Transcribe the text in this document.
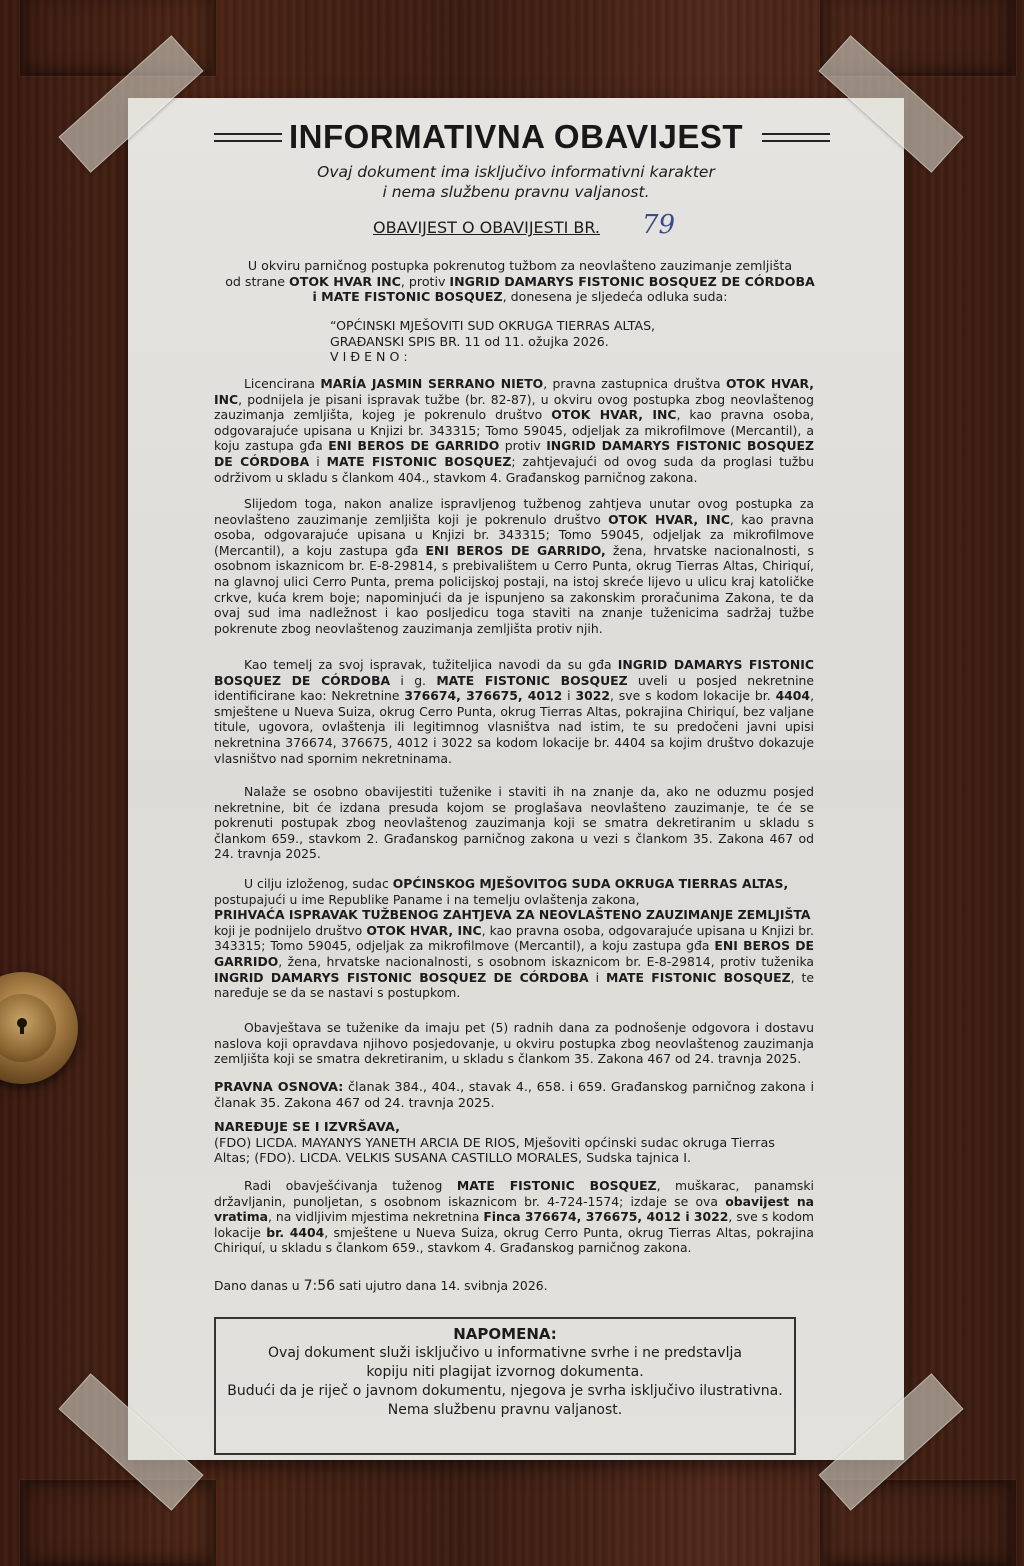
INFORMATIVNA OBAVIJEST
Ovaj dokument ima isključivo informativni karakter
i nema službenu pravnu valjanost.
OBAVIJEST O OBAVIJESTI BR. 79

U okviru parničnog postupka pokrenutog tužbom za neovlašteno zauzimanje zemljišta

od strane OTOK HVAR INC, protiv INGRID DAMARYS FISTONIC BOSQUEZ DE CÓRDOBA

i MATE FISTONIC BOSQUEZ, donesena je sljedeća odluka suda:

“OPĆINSKI MJEŠOVITI SUD OKRUGA TIERRAS ALTAS,

GRAĐANSKI SPIS BR. 11 od 11. ožujka 2026.

V I Đ E N O :

Licencirana MARÍA JASMIN SERRANO NIETO, pravna zastupnica društva OTOK HVAR, INC, podnijela je pisani ispravak tužbe (br. 82-87), u okviru ovog postupka zbog neovlaštenog zauzimanja zemljišta, kojeg je pokrenulo društvo OTOK HVAR, INC, kao pravna osoba, odgovarajuće upisana u Knjizi br. 343315; Tomo 59045, odjeljak za mikrofilmove (Mercantil), a koju zastupa gđa ENI BEROS DE GARRIDO protiv INGRID DAMARYS FISTONIC BOSQUEZ DE CÓRDOBA i MATE FISTONIC BOSQUEZ; zahtjevajući od ovog suda da proglasi tužbu održivom u skladu s člankom 404., stavkom 4. Građanskog parničnog zakona.

Slijedom toga, nakon analize ispravljenog tužbenog zahtjeva unutar ovog postupka za neovlašteno zauzimanje zemljišta koji je pokrenulo društvo OTOK HVAR, INC, kao pravna osoba, odgovarajuće upisana u Knjizi br. 343315; Tomo 59045, odjeljak za mikrofilmove (Mercantil), a koju zastupa gđa ENI BEROS DE GARRIDO, žena, hrvatske nacionalnosti, s osobnom iskaznicom br. E-8-29814, s prebivalištem u Cerro Punta, okrug Tierras Altas, Chiriquí, na glavnoj ulici Cerro Punta, prema policijskoj postaji, na istoj skreće lijevo u ulicu kraj katoličke crkve, kuća krem boje; napominjući da je ispunjeno sa zakonskim proračunima Zakona, te da ovaj sud ima nadležnost i kao posljedicu toga staviti na znanje tuženicima sadržaj tužbe pokrenute zbog neovlaštenog zauzimanja zemljišta protiv njih.

Kao temelj za svoj ispravak, tužiteljica navodi da su gđa INGRID DAMARYS FISTONIC BOSQUEZ DE CÓRDOBA i g. MATE FISTONIC BOSQUEZ uveli u posjed nekretnine identificirane kao: Nekretnine 376674, 376675, 4012 i 3022, sve s kodom lokacije br. 4404, smještene u Nueva Suiza, okrug Cerro Punta, okrug Tierras Altas, pokrajina Chiriquí, bez valjane titule, ugovora, ovlaštenja ili legitimnog vlasništva nad istim, te su predočeni javni upisi nekretnina 376674, 376675, 4012 i 3022 sa kodom lokacije br. 4404 sa kojim društvo dokazuje vlasništvo nad spornim nekretninama.

Nalaže se osobno obavijestiti tuženike i staviti ih na znanje da, ako ne oduzmu posjed nekretnine, bit će izdana presuda kojom se proglašava neovlašteno zauzimanje, te će se pokrenuti postupak zbog neovlaštenog zauzimanja koji se smatra dekretiranim u skladu s člankom 659., stavkom 2. Građanskog parničnog zakona u vezi s člankom 35. Zakona 467 od 24. travnja 2025.

U cilju izloženog, sudac OPĆINSKOG MJEŠOVITOG SUDA OKRUGA TIERRAS ALTAS,

postupajući u ime Republike Paname i na temelju ovlaštenja zakona,

PRIHVAĆA ISPRAVAK TUŽBENOG ZAHTJEVA ZA NEOVLAŠTENO ZAUZIMANJE ZEMLJIŠTA

koji je podnijelo društvo OTOK HVAR, INC, kao pravna osoba, odgovarajuće upisana u Knjizi br. 343315; Tomo 59045, odjeljak za mikrofilmove (Mercantil), a koju zastupa gđa ENI BEROS DE GARRIDO, žena, hrvatske nacionalnosti, s osobnom iskaznicom br. E-8-29814, protiv tuženika INGRID DAMARYS FISTONIC BOSQUEZ DE CÓRDOBA i MATE FISTONIC BOSQUEZ, te naređuje se da se nastavi s postupkom.

Obavještava se tuženike da imaju pet (5) radnih dana za podnošenje odgovora i dostavu naslova koji opravdava njihovo posjedovanje, u okviru postupka zbog neovlaštenog zauzimanja zemljišta koji se smatra dekretiranim, u skladu s člankom 35. Zakona 467 od 24. travnja 2025.

PRAVNA OSNOVA: članak 384., 404., stavak 4., 658. i 659. Građanskog parničnog zakona i članak 35. Zakona 467 od 24. travnja 2025.

NAREĐUJE SE I IZVRŠAVA,

(FDO) LICDA. MAYANYS YANETH ARCIA DE RIOS, Mješoviti općinski sudac okruga Tierras Altas; (FDO). LICDA. VELKIS SUSANA CASTILLO MORALES, Sudska tajnica I.

Radi obavješćivanja tuženog MATE FISTONIC BOSQUEZ, muškarac, panamski državljanin, punoljetan, s osobnom iskaznicom br. 4-724-1574; izdaje se ova obavijest na vratima, na vidljivim mjestima nekretnina Finca 376674, 376675, 4012 i 3022, sve s kodom lokacije br. 4404, smještene u Nueva Suiza, okrug Cerro Punta, okrug Tierras Altas, pokrajina Chiriquí, u skladu s člankom 659., stavkom 4. Građanskog parničnog zakona.

Dano danas u 7:56 sati ujutro dana 14. svibnja 2026.

NAPOMENA:
Ovaj dokument služi isključivo u informativne svrhe i ne predstavlja
kopiju niti plagijat izvornog dokumenta.
Budući da je riječ o javnom dokumentu, njegova je svrha isključivo ilustrativna.
Nema službenu pravnu valjanost.
